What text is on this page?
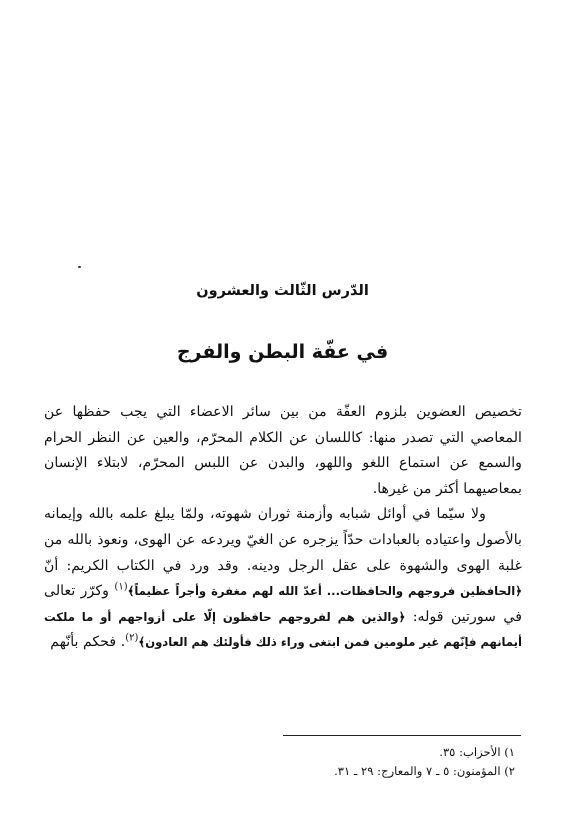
الدّرس الثّالث والعشرون
في عفّة البطن والفرج

تخصيص العضوين بلزوم العفّة من بين سائر الاعضاء التي يجب حفظها عن المعاصي التي تصدر منها: كاللسان عن الكلام المحرّم، والعين عن النظر الحرام والسمع عن استماع اللغو واللهو، والبدن عن اللبس المحرّم، لابتلاء الإنسان بمعاصيهما أكثر من غيرها.

ولا سيّما في أوائل شبابه وأزمنة ثوران شهوته، ولمّا يبلغ علمه بالله وإيمانه بالأصول واعتياده بالعبادات حدّاً يزجره عن الغيّ ويردعه عن الهوى، ونعوذ بالله من غلبة الهوى والشهوة على عقل الرجل ودينه. وقد ورد في الكتاب الكريم: أنّ ﴿الحافظين فروجهم والحافظات... أعدّ الله لهم مغفرة وأجراً عظيماً﴾$^{(١)}$ وكرّر تعالى في سورتين قوله: ﴿والذين هم لفروجهم حافظون إلّا على أزواجهم أو ما ملكت أيمانهم فإنّهم غير ملومين فمن ابتغى وراء ذلك فأولئك هم العادون﴾$^{(٢)}$. فحكم بأنّهم

١) الأحزاب: ٣٥.
٢) المؤمنون: ٥ ـ ٧ والمعارج: ٢٩ ـ ٣١.
